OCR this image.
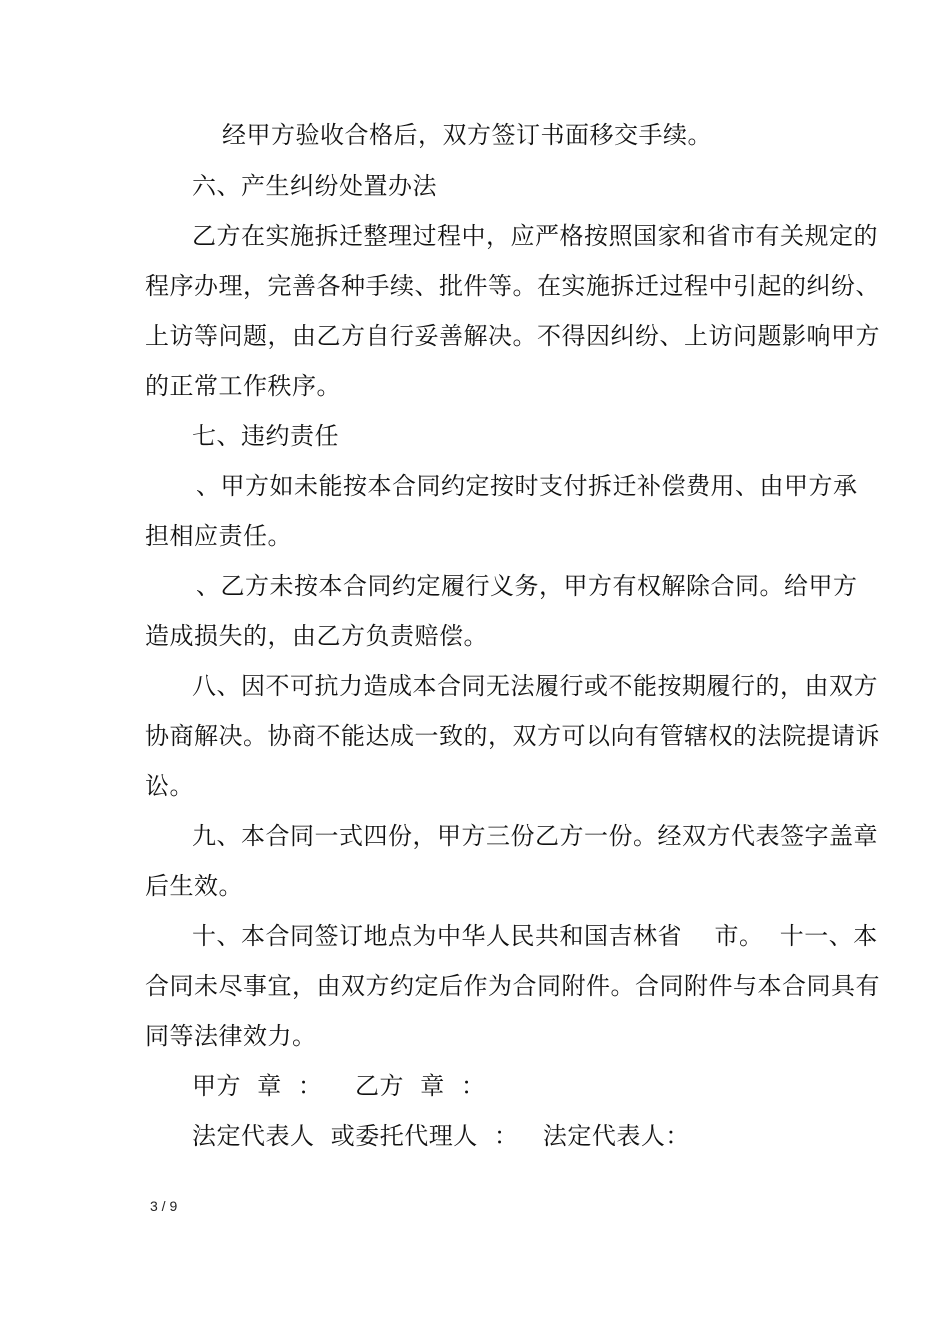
经甲方验收合格后，双方签订书面移交手续。
六、产生纠纷处置办法
乙方在实施拆迁整理过程中，应严格按照国家和省市有关规定的
程序办理，完善各种手续、批件等。在实施拆迁过程中引起的纠纷、
上访等问题，由乙方自行妥善解决。不得因纠纷、上访问题影响甲方
的正常工作秩序。
七、违约责任
、甲方如未能按本合同约定按时支付拆迁补偿费用、由甲方承
担相应责任。
、乙方未按本合同约定履行义务，甲方有权解除合同。给甲方
造成损失的，由乙方负责赔偿。
八、因不可抗力造成本合同无法履行或不能按期履行的，由双方
协商解决。协商不能达成一致的，双方可以向有管辖权的法院提请诉
讼。
九、本合同一式四份，甲方三份乙方一份。经双方代表签字盖章
后生效。
十、本合同签订地点为中华人民共和国吉林省    市。  十一、本
合同未尽事宜，由双方约定后作为合同附件。合同附件与本合同具有
同等法律效力。
甲方  章  ：    乙方  章  ：
法定代表人  或委托代理人  ：   法定代表人：
3 / 9
